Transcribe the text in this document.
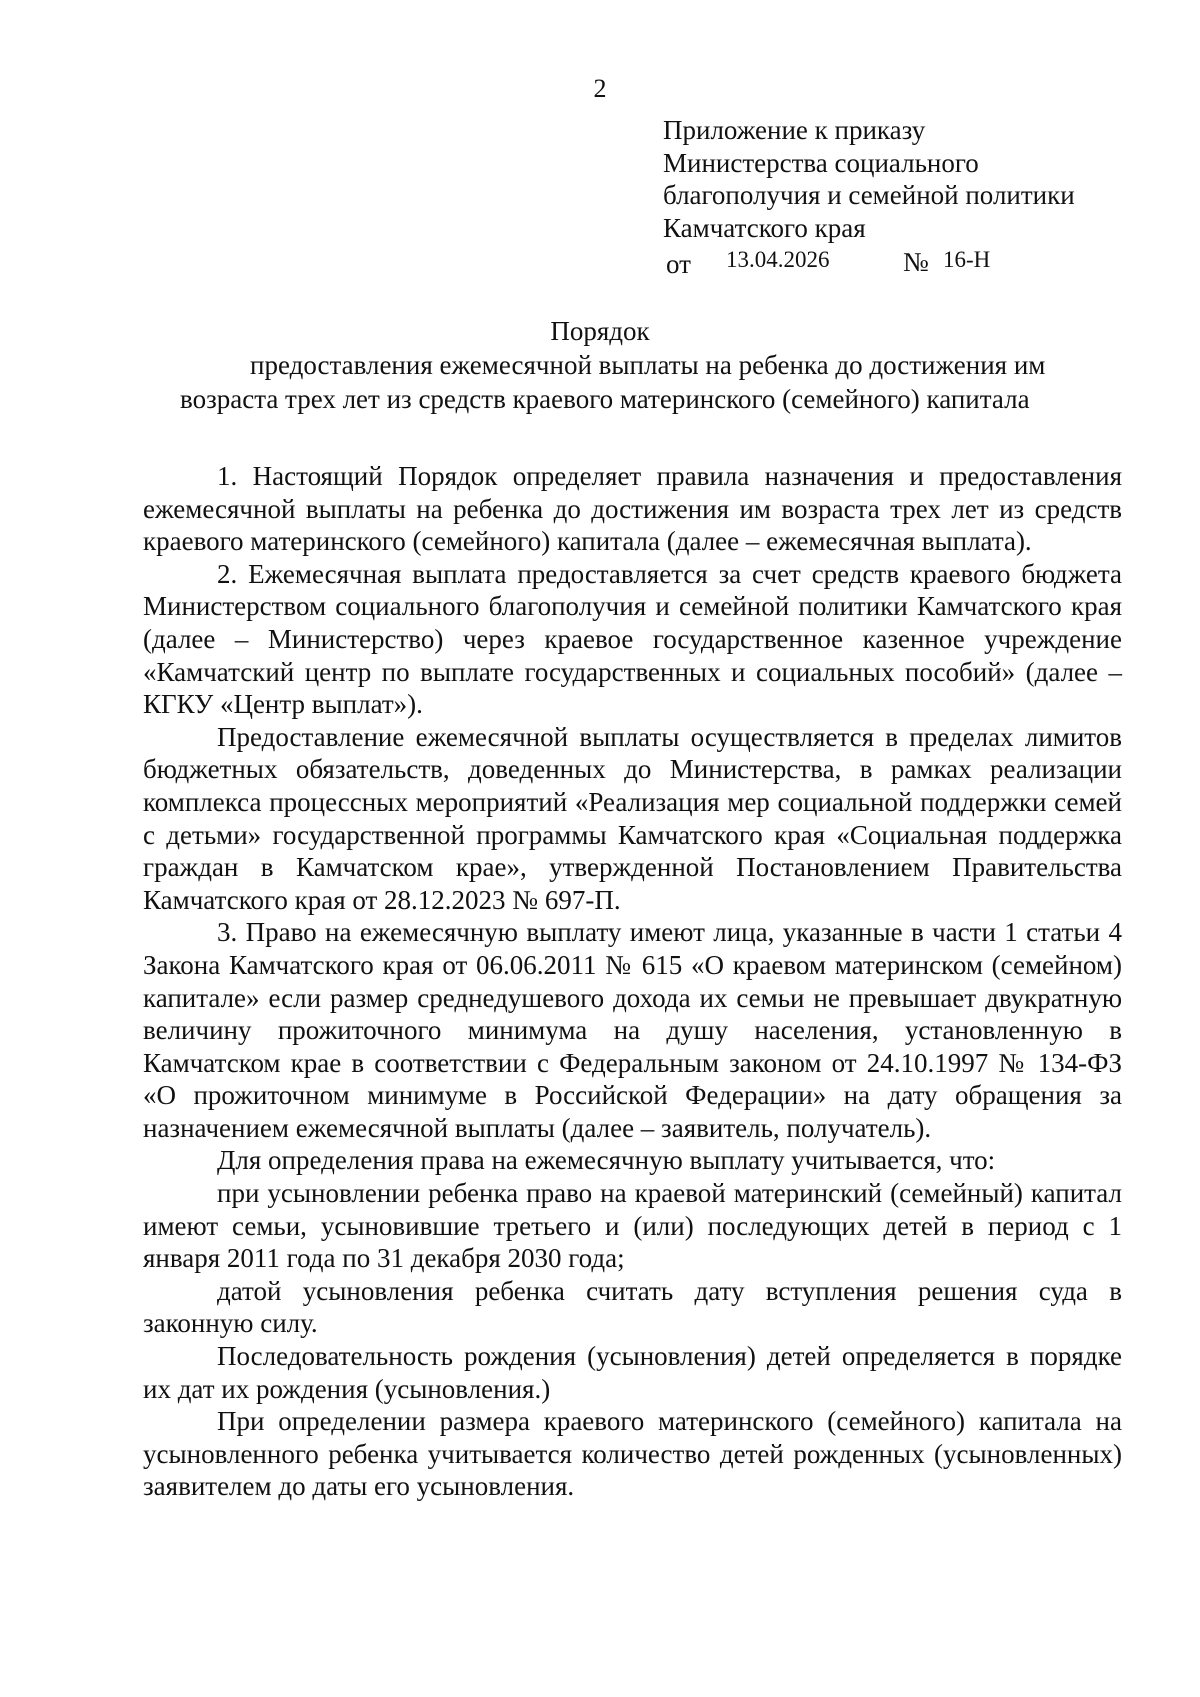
2
Приложение к приказу
Министерства социального
благополучия и семейной политики
Камчатского края
от 13.04.2026	№ 16-Н
Порядок
предоставления ежемесячной выплаты на ребенка до достижения им
возраста трех лет из средств краевого материнского (семейного) капитала

1. Настоящий Порядок определяет правила назначения и предоставления ежемесячной выплаты на ребенка до достижения им возраста трех лет из средств краевого материнского (семейного) капитала (далее – ежемесячная выплата).

2. Ежемесячная выплата предоставляется за счет средств краевого бюджета Министерством социального благополучия и семейной политики Камчатского края (далее – Министерство) через краевое государственное казенное учреждение «Камчатский центр по выплате государственных и социальных пособий» (далее – КГКУ «Центр выплат»).

Предоставление ежемесячной выплаты осуществляется в пределах лимитов бюджетных обязательств, доведенных до Министерства, в рамках реализации комплекса процессных мероприятий «Реализация мер социальной поддержки семей с детьми» государственной программы Камчатского края «Социальная поддержка граждан в Камчатском крае», утвержденной Постановлением Правительства Камчатского края от 28.12.2023 № 697-П.

3. Право на ежемесячную выплату имеют лица, указанные в части 1 статьи 4 Закона Камчатского края от 06.06.2011 № 615 «О краевом материнском (семейном) капитале» если размер среднедушевого дохода их семьи не превышает двукратную величину прожиточного минимума на душу населения, установленную в Камчатском крае в соответствии с Федеральным законом от 24.10.1997 № 134-ФЗ «О прожиточном минимуме в Российской Федерации» на дату обращения за назначением ежемесячной выплаты (далее – заявитель, получатель).

Для определения права на ежемесячную выплату учитывается, что:

при усыновлении ребенка право на краевой материнский (семейный) капитал имеют семьи, усыновившие третьего и (или) последующих детей в период с 1 января 2011 года по 31 декабря 2030 года;

датой усыновления ребенка считать дату вступления решения суда в законную силу.

Последовательность рождения (усыновления) детей определяется в порядке их дат их рождения (усыновления.)

При определении размера краевого материнского (семейного) капитала на усыновленного ребенка учитывается количество детей рожденных (усыновленных) заявителем до даты его усыновления.
